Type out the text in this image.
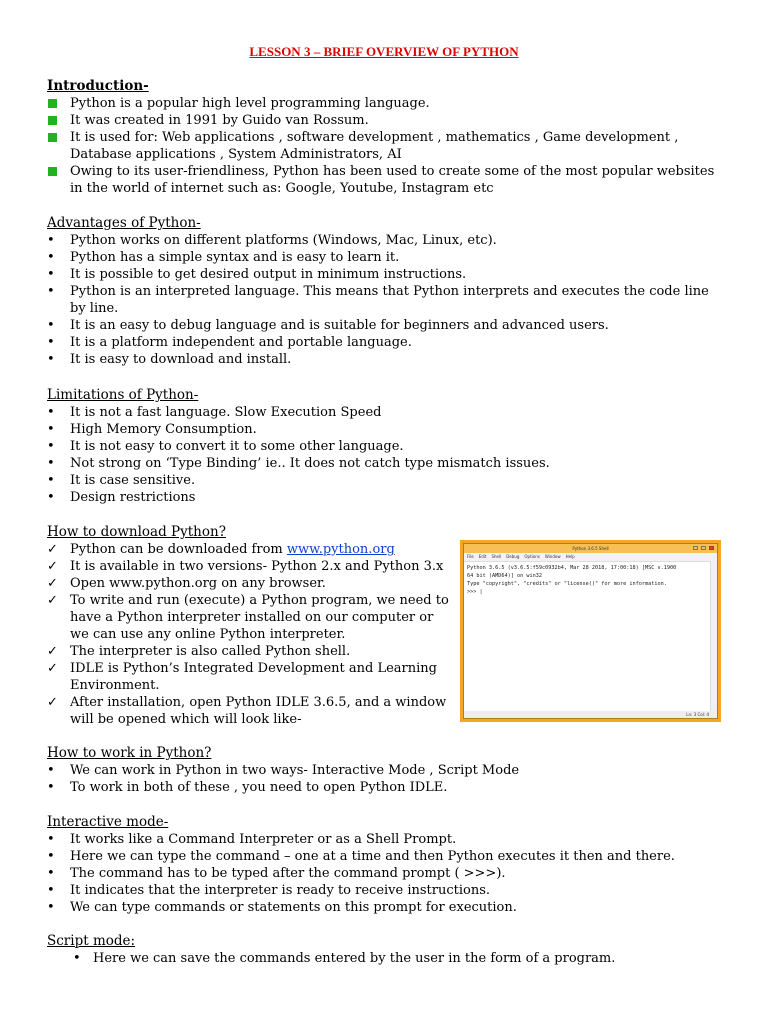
LESSON 3 – BRIEF OVERVIEW OF PYTHON
Introduction-
Python is a popular high level programming language.
It was created in 1991 by Guido van Rossum.
It is used for: Web applications , software development , mathematics , Game development ,
Database applications , System Administrators, AI
Owing to its user-friendliness, Python has been used to create some of the most popular websites
in the world of internet such as: Google, Youtube, Instagram etc
Advantages of Python-
•
Python works on different platforms (Windows, Mac, Linux, etc).
•
Python has a simple syntax and is easy to learn it.
•
It is possible to get desired output in minimum instructions.
•
Python is an interpreted language. This means that Python interprets and executes the code line
by line.
•
It is an easy to debug language and is suitable for beginners and advanced users.
•
It is a platform independent and portable language.
•
It is easy to download and install.
Limitations of Python-
•
It is not a fast language. Slow Execution Speed
•
High Memory Consumption.
•
It is not easy to convert it to some other language.
•
Not strong on ‘Type Binding’ ie.. It does not catch type mismatch issues.
•
It is case sensitive.
•
Design restrictions
How to download Python?
✓
Python can be downloaded from www.python.org
✓
It is available in two versions- Python 2.x and Python 3.x
✓
Open www.python.org on any browser.
✓
To write and run (execute) a Python program, we need to
have a Python interpreter installed on our computer or
we can use any online Python interpreter.
✓
The interpreter is also called Python shell.
✓
IDLE is Python’s Integrated Development and Learning
Environment.
✓
After installation, open Python IDLE 3.6.5, and a window
will be opened which will look like-
Python 3.6.5 Shell
File Edit Shell Debug Options Window Help
Python 3.6.5 (v3.6.5:f59c0932b4, Mar 28 2018, 17:00:18) [MSC v.1900
64 bit (AMD64)] on win32
Type "copyright", "credits" or "license()" for more information.
>>> |
Ln: 3 Col: 4
How to work in Python?
•
We can work in Python in two ways- Interactive Mode , Script Mode
•
To work in both of these , you need to open Python IDLE.
Interactive mode-
•
It works like a Command Interpreter or as a Shell Prompt.
•
Here we can type the command – one at a time and then Python executes it then and there.
•
The command has to be typed after the command prompt ( >>>).
•
It indicates that the interpreter is ready to receive instructions.
•
We can type commands or statements on this prompt for execution.
Script mode:
•
Here we can save the commands entered by the user in the form of a program.
